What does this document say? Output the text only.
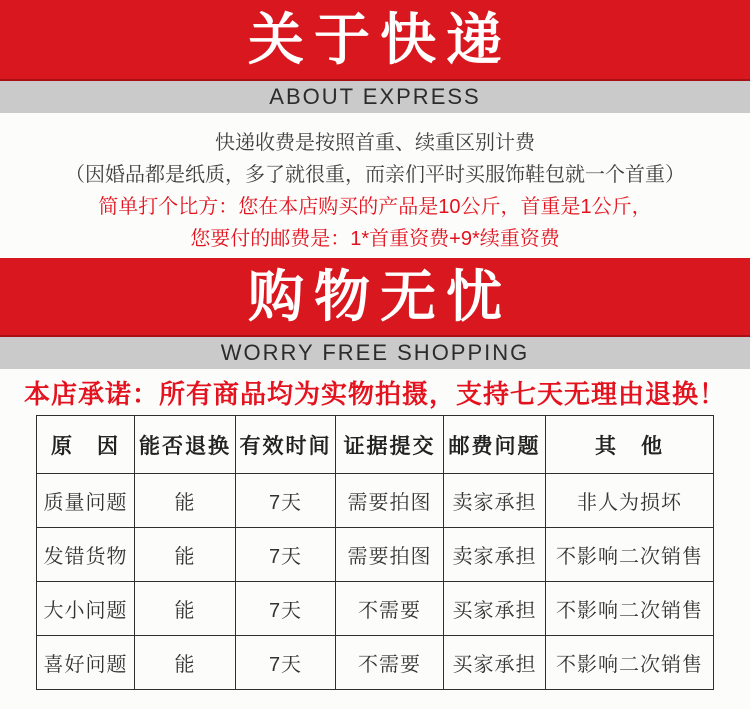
关于快递
ABOUT EXPRESS

快递收费是按照首重、续重区别计费

（因婚品都是纸质，多了就很重，而亲们平时买服饰鞋包就一个首重）

简单打个比方：您在本店购买的产品是10公斤，首重是1公斤，

您要付的邮费是：1*首重资费+9*续重资费

购物无忧
WORRY FREE SHOPPING
本店承诺：所有商品均为实物拍摄，支持七天无理由退换！
原　因	能否退换	有效时间	证据提交	邮费问题	其　他
质量问题	能	7天	需要拍图	卖家承担	非人为损坏
发错货物	能	7天	需要拍图	卖家承担	不影响二次销售
大小问题	能	7天	不需要	买家承担	不影响二次销售
喜好问题	能	7天	不需要	买家承担	不影响二次销售
